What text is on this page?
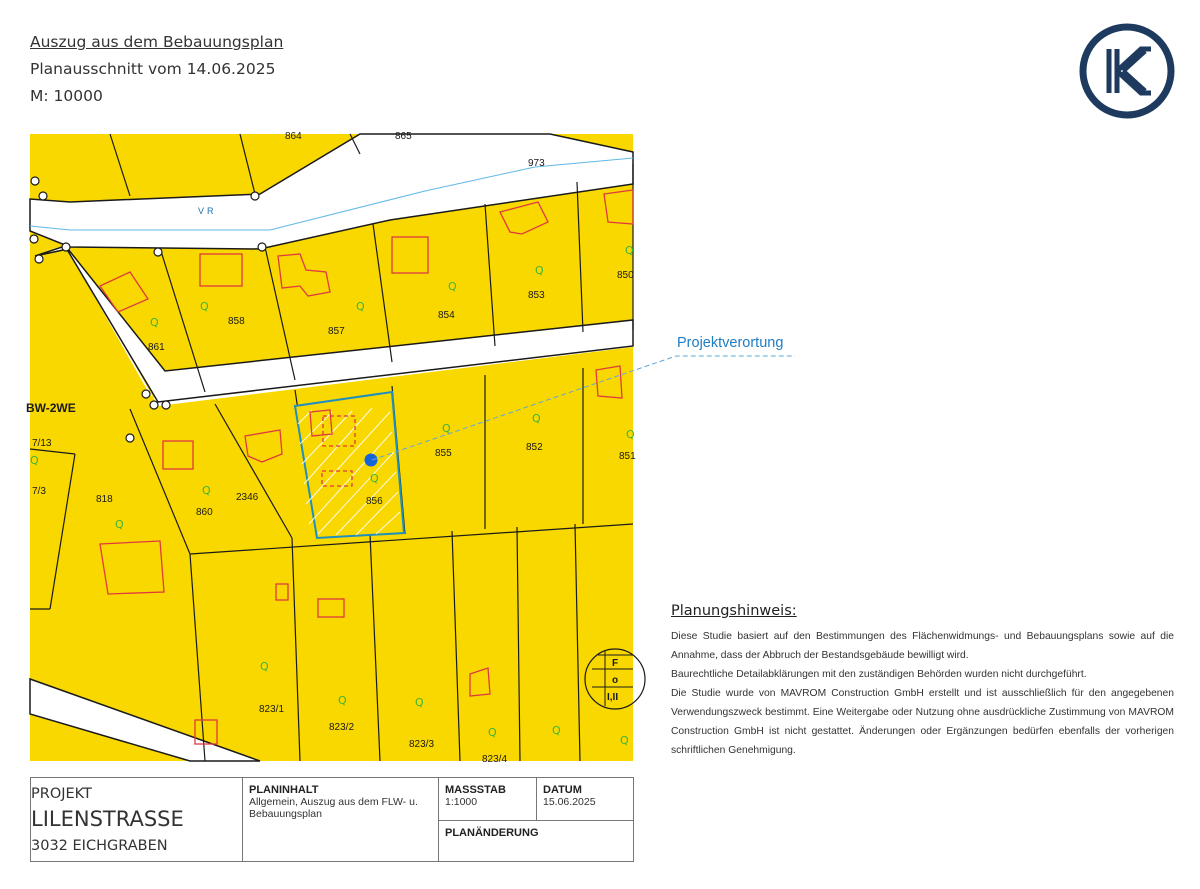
Auszug aus dem Bebauungsplan
Planausschnitt vom 14.06.2025
M: 10000
K
Q
Q	Q
Q
Q
Q
Q
Q
Q
Q
Q
Q
Q
Q
Q	Q
Q	Q
Q
VR
864	865
973
850
853
854
857
858
861
852
855	851
856
2346
860
818
823/1
823/2
823/3
823/4
BW-2WE
7/13
7/3
F
o
I,II
Projektverortung
Planungshinweis:

Diese Studie basiert auf den Bestimmungen des Flächenwidmungs- und Bebauungsplans sowie auf die Annahme, dass der Abbruch der Bestandsgebäude bewilligt wird.

Baurechtliche Detailabklärungen mit den zuständigen Behörden wurden nicht durchgeführt.

Die Studie wurde von MAVROM Construction GmbH erstellt und ist ausschließlich für den angegebenen Verwendungszweck bestimmt. Eine Weitergabe oder Nutzung ohne ausdrückliche Zustimmung von MAVROM Construction GmbH ist nicht gestattet. Änderungen oder Ergänzungen bedürfen ebenfalls der vorherigen schriftlichen Genehmigung.

PROJEKT
LILENSTRASSE
3032 EICHGRABEN
PLANINHALT
Allgemein, Auszug aus dem FLW- u. Bebauungsplan
MASSSTAB
1:1000
DATUM
15.06.2025
PLANÄNDERUNG
